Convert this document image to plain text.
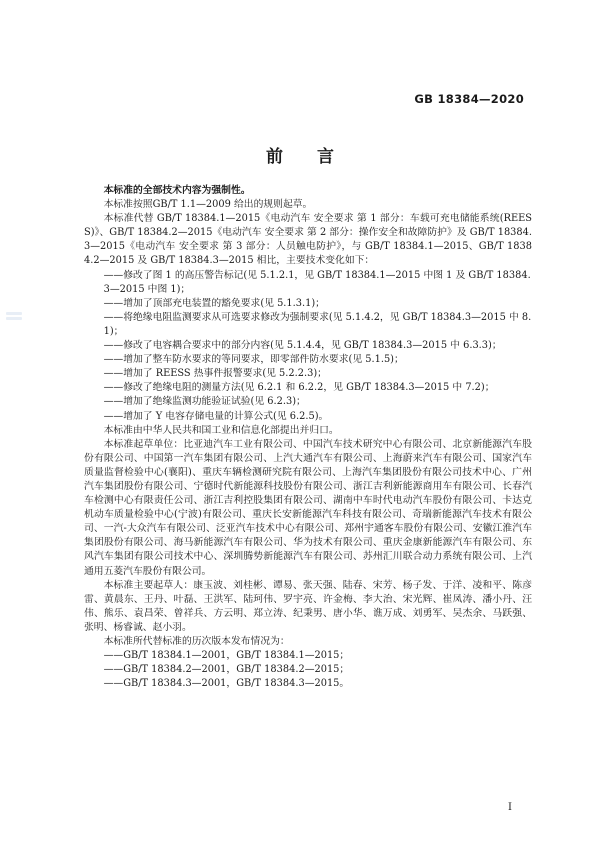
GB 18384—2020
前 言

本标准的全部技术内容为强制性。

本标准按照GB/T 1.1—2009 给出的规则起草。

本标准代替 GB/T 18384.1—2015《电动汽车 安全要求 第 1 部分：车载可充电储能系统(REESS)》、GB/T 18384.2—2015《电动汽车 安全要求 第 2 部分：操作安全和故障防护》及 GB/T 18384.3—2015《电动汽车 安全要求 第 3 部分：人员触电防护》，与 GB/T 18384.1—2015、GB/T 18384.2—2015 及 GB/T 18384.3—2015 相比，主要技术变化如下：

——修改了图 1 的高压警告标记(见 5.1.2.1，见 GB/T 18384.1—2015 中图 1 及 GB/T 18384.3—2015 中图 1)；

——增加了顶部充电装置的豁免要求(见 5.1.3.1)；

——将绝缘电阻监测要求从可选要求修改为强制要求(见 5.1.4.2，见 GB/T 18384.3—2015 中 8.1)；

——修改了电容耦合要求中的部分内容(见 5.1.4.4，见 GB/T 18384.3—2015 中 6.3.3)；

——增加了整车防水要求的等同要求，即零部件防水要求(见 5.1.5)；

——增加了 REESS 热事件报警要求(见 5.2.2.3)；

——修改了绝缘电阻的测量方法(见 6.2.1 和 6.2.2，见 GB/T 18384.3—2015 中 7.2)；

——增加了绝缘监测功能验证试验(见 6.2.3)；

——增加了 Y 电容存储电量的计算公式(见 6.2.5)。

本标准由中华人民共和国工业和信息化部提出并归口。

本标准起草单位：比亚迪汽车工业有限公司、中国汽车技术研究中心有限公司、北京新能源汽车股份有限公司、中国第一汽车集团有限公司、上汽大通汽车有限公司、上海蔚来汽车有限公司、国家汽车质量监督检验中心(襄阳)、重庆车辆检测研究院有限公司、上海汽车集团股份有限公司技术中心、广州汽车集团股份有限公司、宁德时代新能源科技股份有限公司、浙江吉利新能源商用车有限公司、长春汽车检测中心有限责任公司、浙江吉利控股集团有限公司、湖南中车时代电动汽车股份有限公司、卡达克机动车质量检验中心(宁波)有限公司、重庆长安新能源汽车科技有限公司、奇瑞新能源汽车技术有限公司、一汽-大众汽车有限公司、泛亚汽车技术中心有限公司、郑州宇通客车股份有限公司、安徽江淮汽车集团股份有限公司、海马新能源汽车有限公司、华为技术有限公司、重庆金康新能源汽车有限公司、东风汽车集团有限公司技术中心、深圳腾势新能源汽车有限公司、苏州汇川联合动力系统有限公司、上汽通用五菱汽车股份有限公司。

本标准主要起草人：康玉波、刘桂彬、谭易、张天强、陆春、宋芳、杨子发、于洋、凌和平、陈彦雷、黄晨东、王丹、叶磊、王洪军、陆珂伟、罗宇亮、许金梅、李大治、宋光辉、崔凤涛、潘小丹、汪伟、熊乐、袁昌荣、曾祥兵、方云明、郑立涛、纪秉男、唐小华、谯万成、刘勇军、吴杰余、马跃强、张明、杨睿诚、赵小羽。

本标准所代替标准的历次版本发布情况为：

——GB/T 18384.1—2001，GB/T 18384.1—2015；

——GB/T 18384.2—2001，GB/T 18384.2—2015；

——GB/T 18384.3—2001，GB/T 18384.3—2015。

I
